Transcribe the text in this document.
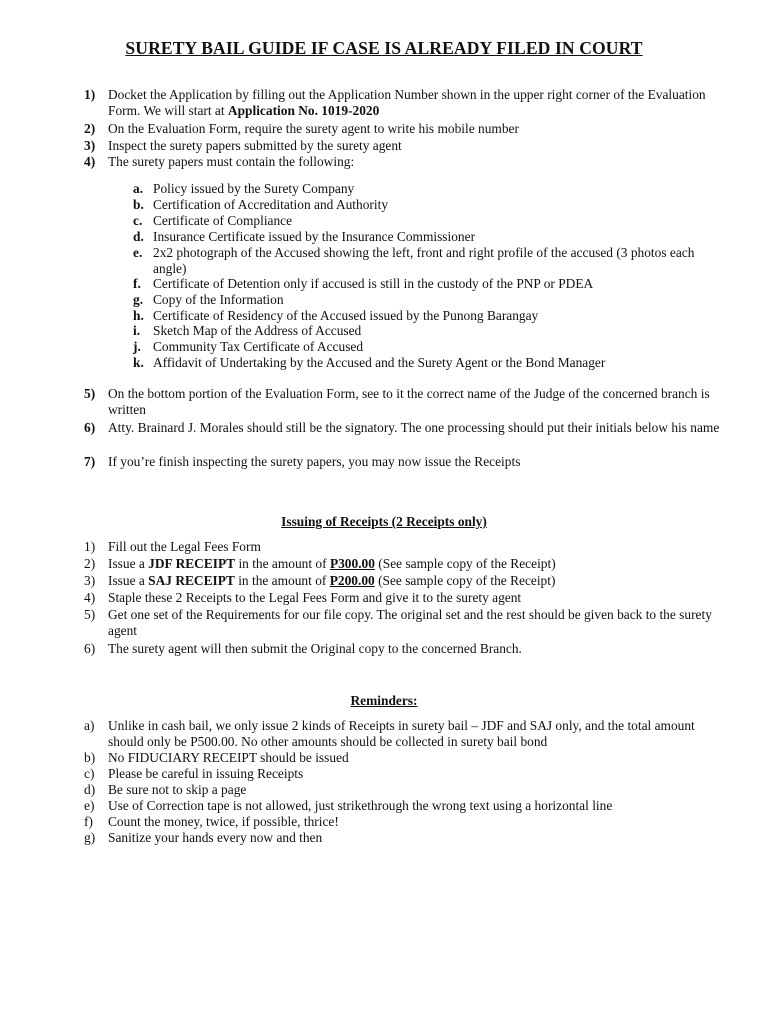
SURETY BAIL GUIDE IF CASE IS ALREADY FILED IN COURT
1) Docket the Application by filling out the Application Number shown in the upper right corner of the Evaluation Form. We will start at Application No. 1019-2020
2) On the Evaluation Form, require the surety agent to write his mobile number
3) Inspect the surety papers submitted by the surety agent
4) The surety papers must contain the following:
a. Policy issued by the Surety Company
b. Certification of Accreditation and Authority
c. Certificate of Compliance
d. Insurance Certificate issued by the Insurance Commissioner
e. 2x2 photograph of the Accused showing the left, front and right profile of the accused (3 photos each angle)
f. Certificate of Detention only if accused is still in the custody of the PNP or PDEA
g. Copy of the Information
h. Certificate of Residency of the Accused issued by the Punong Barangay
i. Sketch Map of the Address of Accused
j. Community Tax Certificate of Accused
k. Affidavit of Undertaking by the Accused and the Surety Agent or the Bond Manager
5) On the bottom portion of the Evaluation Form, see to it the correct name of the Judge of the concerned branch is written
6) Atty. Brainard J. Morales should still be the signatory. The one processing should put their initials below his name
7) If you’re finish inspecting the surety papers, you may now issue the Receipts
Issuing of Receipts (2 Receipts only)
1) Fill out the Legal Fees Form
2) Issue a JDF RECEIPT in the amount of P300.00 (See sample copy of the Receipt)
3) Issue a SAJ RECEIPT in the amount of P200.00 (See sample copy of the Receipt)
4) Staple these 2 Receipts to the Legal Fees Form and give it to the surety agent
5) Get one set of the Requirements for our file copy. The original set and the rest should be given back to the surety agent
6) The surety agent will then submit the Original copy to the concerned Branch.
Reminders:
a)	Unlike in cash bail, we only issue 2 kinds of Receipts in surety bail – JDF and SAJ only, and the total amount should only be P500.00. No other amounts should be collected in surety bail bond
b) No FIDUCIARY RECEIPT should be issued
c)	Please be careful in issuing Receipts
d) Be sure not to skip a page
e)	Use of Correction tape is not allowed, just strikethrough the wrong text using a horizontal line
f)	Count the money, twice, if possible, thrice!
g) Sanitize your hands every now and then
